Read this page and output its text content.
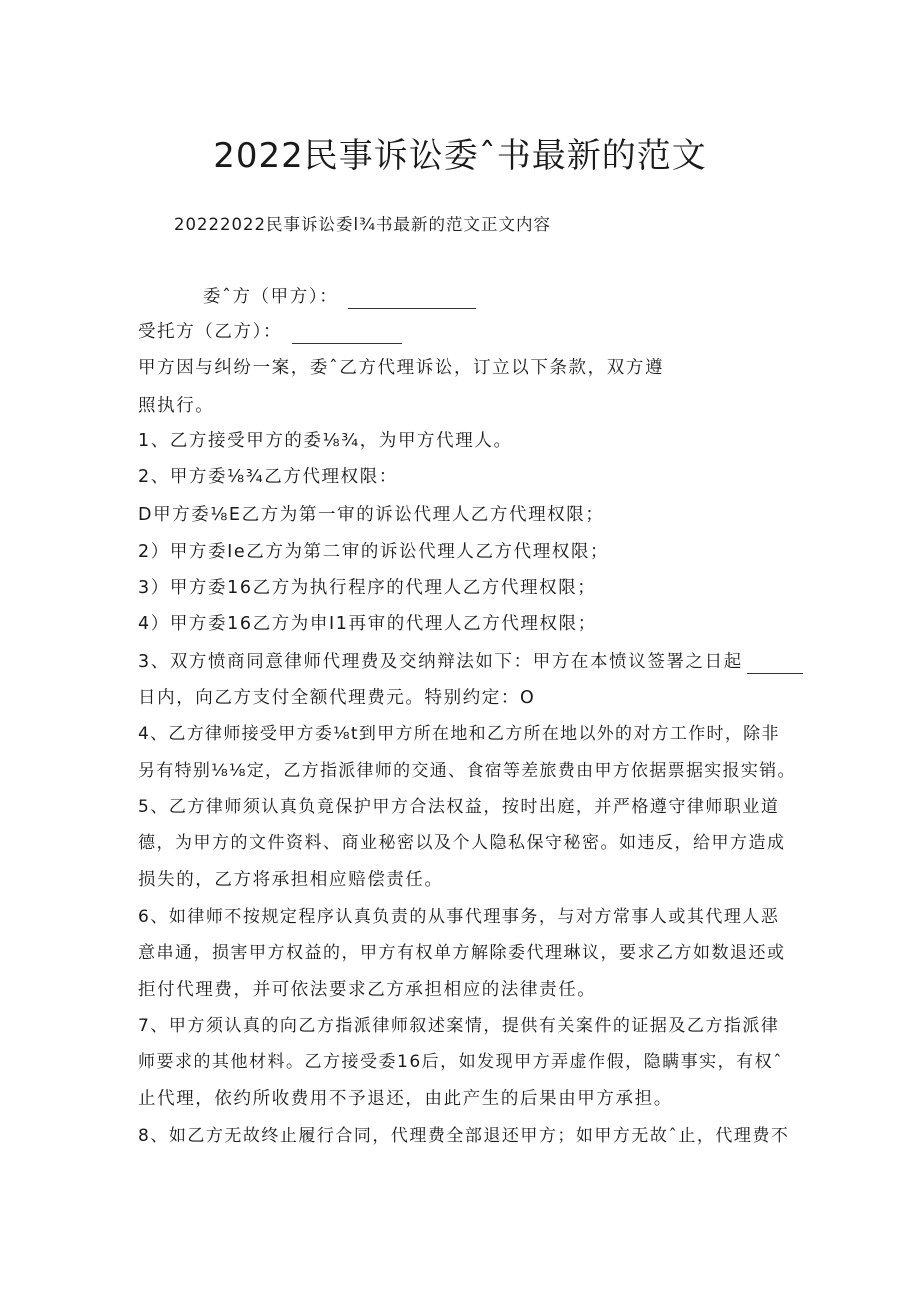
2022民事诉讼委ˆ书最新的范文
20222022民事诉讼委l¾书最新的范文正文内容
委ˆ方（甲方）：
受托方（乙方）：
甲方因与纠纷一案，委ˆ乙方代理诉讼，订立以下条款，双方遵
照执行。
1、乙方接受甲方的委⅛¾，为甲方代理人。
2、甲方委⅛¾乙方代理权限：
D甲方委⅛E乙方为第一审的诉讼代理人乙方代理权限；
2）甲方委Ie乙方为第二审的诉讼代理人乙方代理权限；
3）甲方委16乙方为执行程序的代理人乙方代理权限；
4）甲方委16乙方为申I1再审的代理人乙方代理权限；
3、双方愤商同意律师代理费及交纳辩法如下：甲方在本愤议签署之日起
日内，向乙方支付全额代理费元。特别约定：O
4、乙方律师接受甲方委⅛t到甲方所在地和乙方所在地以外的对方工作时，除非
另有特别⅛⅛定，乙方指派律师的交通、食宿等差旅费由甲方依据票据实报实销。
5、乙方律师须认真负竟保护甲方合法权益，按时出庭，并严格遵守律师职业道
德，为甲方的文件资料、商业秘密以及个人隐私保守秘密。如违反，给甲方造成
损失的，乙方将承担相应赔偿责任。
6、如律师不按规定程序认真负责的从事代理事务，与对方常事人或其代理人恶
意串通，损害甲方权益的，甲方有权单方解除委代理琳议，要求乙方如数退还或
拒付代理费，并可依法要求乙方承担相应的法律责任。
7、甲方须认真的向乙方指派律师叙述案情，提供有关案件的证据及乙方指派律
师要求的其他材料。乙方接受委16后，如发现甲方弄虚作假，隐瞒事实，有权ˆ
止代理，依约所收费用不予退还，由此产生的后果由甲方承担。
8、如乙方无故终止履行合同，代理费全部退还甲方；如甲方无故ˆ止，代理费不
